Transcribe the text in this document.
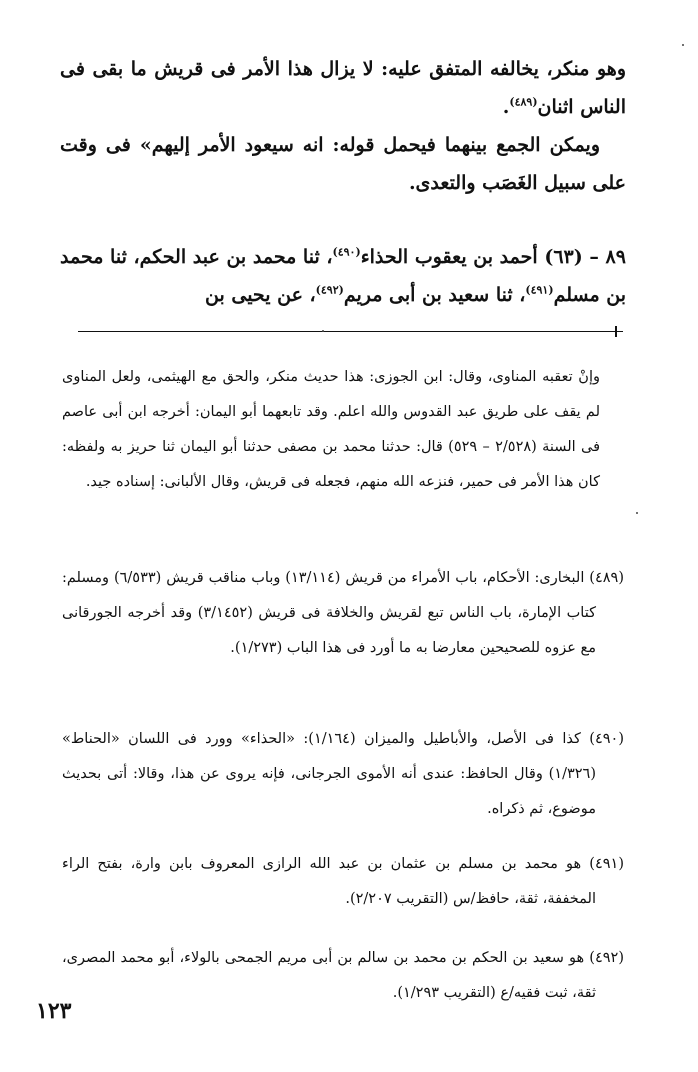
وهو منكر، يخالفه المتفق عليه: لا يزال هذا الأمر فى قريش ما بقى فى الناس اثنان$^{(٤٨٩)}$.

ويمكن الجمع بينهما فيحمل قوله: انه سيعود الأمر إليهم» فى وقت على سبيل الغَصَب والتعدى.

٨٩ – (٦٣) أحمد بن يعقوب الحذاء$^{(٤٩٠)}$، ثنا محمد بن عبد الحكم، ثنا محمد بن مسلم$^{(٤٩١)}$، ثنا سعيد بن أبى مريم$^{(٤٩٢)}$، عن يحيى بن

وإنْ تعقبه المناوى، وقال: ابن الجوزى: هذا حديث منكر، والحق مع الهيثمى، ولعل المناوى لم يقف على طريق عبد القدوس والله اعلم. وقد تابعهما أبو اليمان: أخرجه ابن أبى عاصم فى السنة (٢/٥٢٨ – ٥٢٩) قال: حدثنا محمد بن مصفى حدثنا أبو اليمان ثنا حريز به ولفظه: كان هذا الأمر فى حمير، فنزعه الله منهم، فجعله فى قريش، وقال الألبانى: إسناده جيد.

(٤٨٩) البخارى: الأحكام، باب الأمراء من قريش (١٣/١١٤) وباب مناقب قريش (٦/٥٣٣) ومسلم: كتاب الإمارة، باب الناس تبع لقريش والخلافة فى قريش (٣/١٤٥٢) وقد أخرجه الجورقانى مع عزوه للصحيحين معارضا به ما أورد فى هذا الباب (١/٢٧٣).

(٤٩٠) كذا فى الأصل، والأباطيل والميزان (١/١٦٤): «الحذاء» وورد فى اللسان «الحناط» (١/٣٢٦) وقال الحافظ: عندى أنه الأموى الجرجانى، فإنه يروى عن هذا، وقالا: أتى بحديث موضوع، ثم ذكراه.

(٤٩١) هو محمد بن مسلم بن عثمان بن عبد الله الرازى المعروف بابن وارة، بفتح الراء المخففة، ثقة، حافظ/س (التقريب ٢/٢٠٧).

(٤٩٢) هو سعيد بن الحكم بن محمد بن سالم بن أبى مريم الجمحى بالولاء، أبو محمد المصرى، ثقة، ثبت فقيه/ع (التقريب ١/٢٩٣).

١٢٣
